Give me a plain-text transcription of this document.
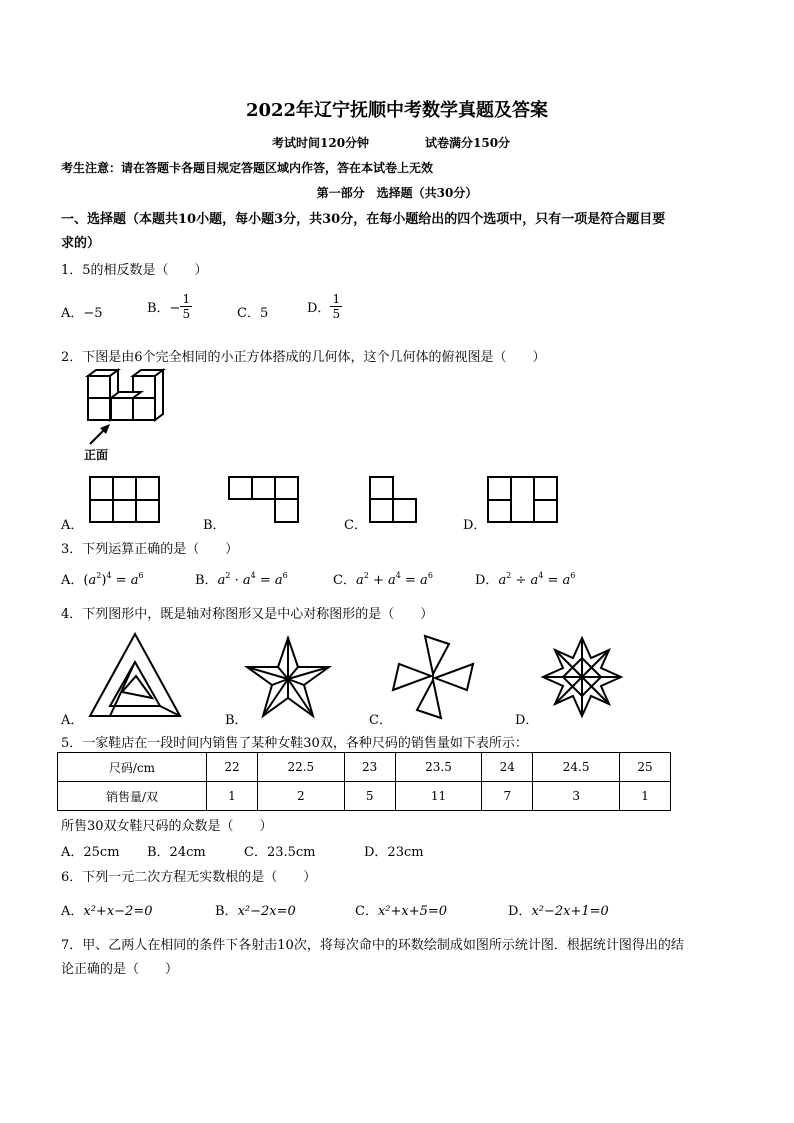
2022年辽宁抚顺中考数学真题及答案
考试时间120分钟	试卷满分150分
考生注意：请在答题卡各题目规定答题区域内作答，答在本试卷上无效
第一部分　选择题（共30分）
一、选择题（本题共10小题，每小题3分，共30分，在每小题给出的四个选项中，只有一项是符合题目要
求的）
1．5的相反数是（　　）
A．−5	B．− $\frac{1}{5}$	C．5	D． $\frac{1}{5}$
2．下图是由6个完全相同的小正方体搭成的几何体，这个几何体的俯视图是（　　）
正面
A．	B．	C．	D．
3．下列运算正确的是（　　）
A．$(a^2)^4 = a^6$	B．$a^2 \cdot a^4 = a^6$	C．$a^2 + a^4 = a^6$	D．$a^2 \div a^4 = a^6$
4．下列图形中，既是轴对称图形又是中心对称图形的是（　　）
A．	B．	C．	D．
5．一家鞋店在一段时间内销售了某种女鞋30双，各种尺码的销售量如下表所示：
尺码/cm	22	22.5	23	23.5	24	24.5	25
销售量/双	1	2	5	11	7	3	1
所售30双女鞋尺码的众数是（　　）
A．25cm B．24cm	C．23.5cm	D．23cm
6．下列一元二次方程无实数根的是（　　）
A．x²+x−2=0	B．x²−2x=0	C．x²+x+5=0	D．x²−2x+1=0
7．甲、乙两人在相同的条件下各射击10次，将每次命中的环数绘制成如图所示统计图．根据统计图得出的结
论正确的是（　　）
